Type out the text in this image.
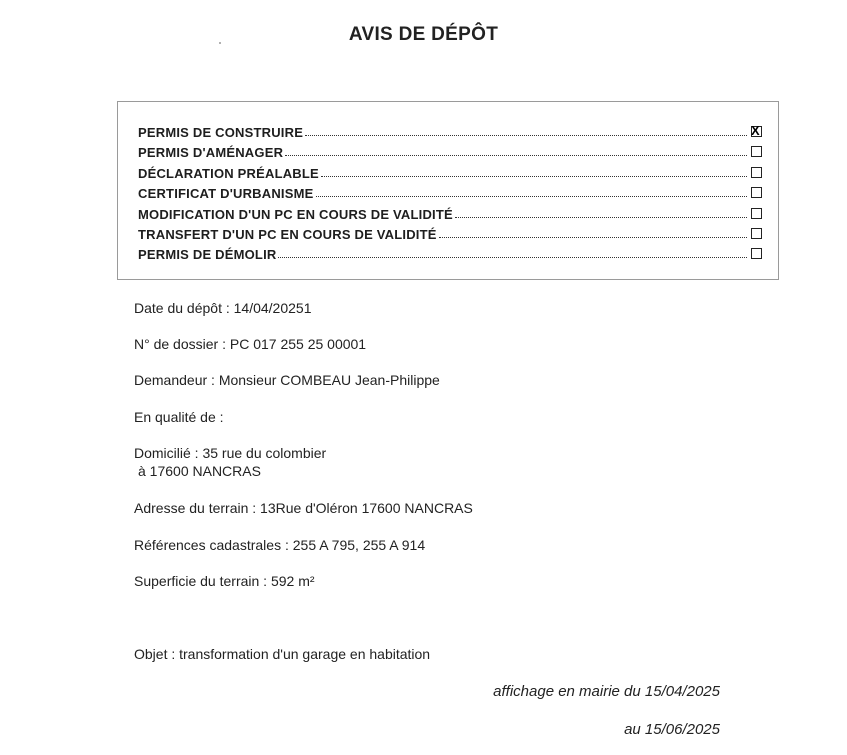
AVIS DE DÉPÔT
PERMIS DE CONSTRUIRE
X
PERMIS D'AMÉNAGER
DÉCLARATION PRÉALABLE
CERTIFICAT D'URBANISME
MODIFICATION D'UN PC EN COURS DE VALIDITÉ
TRANSFERT D'UN PC EN COURS DE VALIDITÉ
PERMIS DE DÉMOLIR
Date du dépôt : 14/04/20251
N° de dossier : PC 017 255 25 00001
Demandeur : Monsieur COMBEAU Jean-Philippe
En qualité de :
Domicilié : 35 rue du colombier
à 17600 NANCRAS
Adresse du terrain : 13Rue d'Oléron 17600 NANCRAS
Références cadastrales : 255 A 795, 255 A 914
Superficie du terrain : 592 m²
Objet : transformation d'un garage en habitation
affichage en mairie du 15/04/2025
au 15/06/2025
